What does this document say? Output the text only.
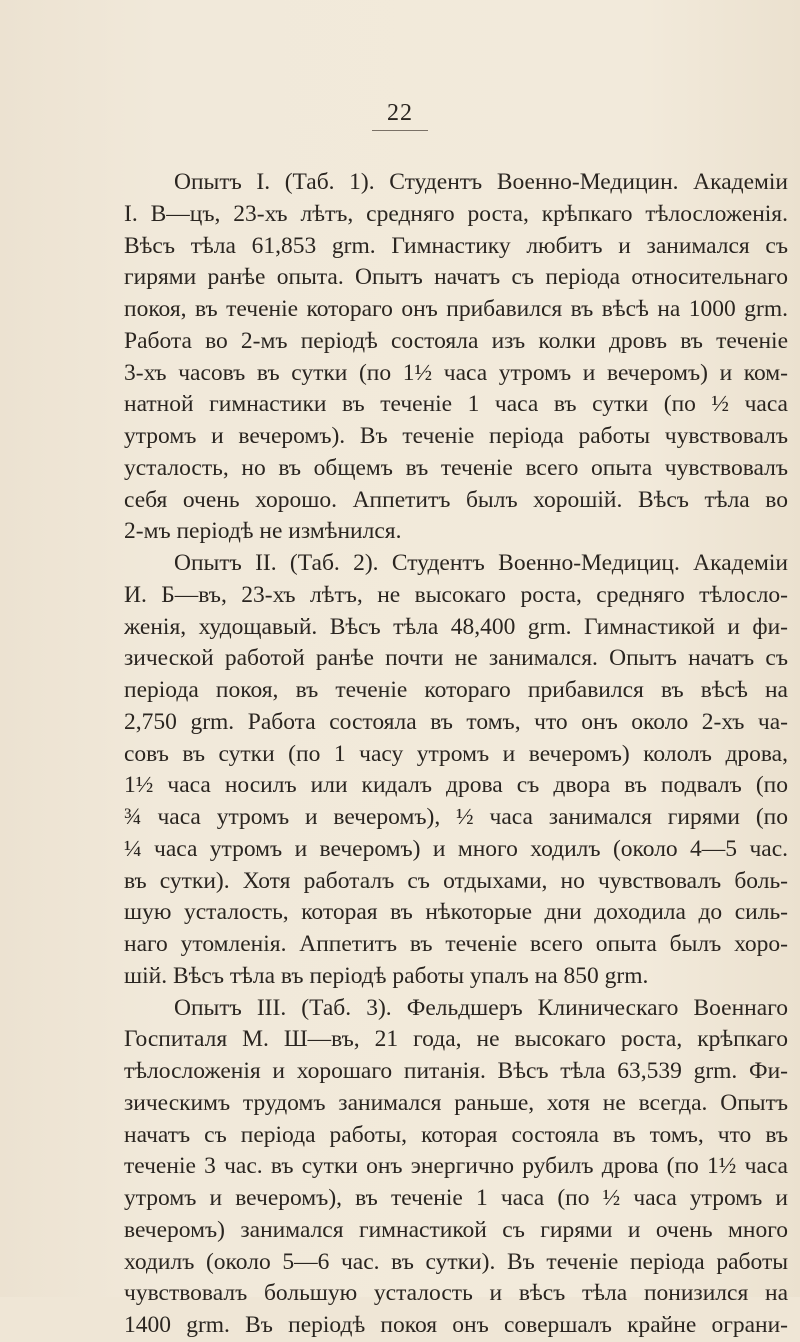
22
Опытъ I. (Таб. 1). Студентъ Военно-Медицин. Академіи
I. В—цъ, 23-хъ лѣтъ, средняго роста, крѣпкаго тѣлосложенія.
Вѣсъ тѣла 61,853 grm. Гимнастику любитъ и занимался съ
гирями ранѣе опыта. Опытъ начатъ съ періода относительнаго
покоя, въ теченіе котораго онъ прибавился въ вѣсѣ на 1000 grm.
Работа во 2-мъ періодѣ состояла изъ колки дровъ въ теченіе
3-хъ часовъ въ сутки (по 1½ часа утромъ и вечеромъ) и ком-
натной гимнастики въ теченіе 1 часа въ сутки (по ½ часа
утромъ и вечеромъ). Въ теченіе періода работы чувствовалъ
усталость, но въ общемъ въ теченіе всего опыта чувствовалъ
себя очень хорошо. Аппетитъ былъ хорошій. Вѣсъ тѣла во
2-мъ періодѣ не измѣнился.
Опытъ II. (Таб. 2). Студентъ Военно-Медициц. Академіи
И. Б—въ, 23-хъ лѣтъ, не высокаго роста, средняго тѣлосло-
женія, худощавый. Вѣсъ тѣла 48,400 grm. Гимнастикой и фи-
зической работой ранѣе почти не занимался. Опытъ начатъ съ
періода покоя, въ теченіе котораго прибавился въ вѣсѣ на
2,750 grm. Работа состояла въ томъ, что онъ около 2-хъ ча-
совъ въ сутки (по 1 часу утромъ и вечеромъ) кололъ дрова,
1½ часа носилъ или кидалъ дрова съ двора въ подвалъ (по
¾ часа утромъ и вечеромъ), ½ часа занимался гирями (по
¼ часа утромъ и вечеромъ) и много ходилъ (около 4—5 час.
въ сутки). Хотя работалъ съ отдыхами, но чувствовалъ боль-
шую усталость, которая въ нѣкоторые дни доходила до силь-
наго утомленія. Аппетитъ въ теченіе всего опыта былъ хоро-
шій. Вѣсъ тѣла въ періодѣ работы упалъ на 850 grm.
Опытъ III. (Таб. 3). Фельдшеръ Клиническаго Военнаго
Госпиталя М. Ш—въ, 21 года, не высокаго роста, крѣпкаго
тѣлосложенія и хорошаго питанія. Вѣсъ тѣла 63,539 grm. Фи-
зическимъ трудомъ занимался раньше, хотя не всегда. Опытъ
начатъ съ періода работы, которая состояла въ томъ, что въ
теченіе 3 час. въ сутки онъ энергично рубилъ дрова (по 1½ часа
утромъ и вечеромъ), въ теченіе 1 часа (по ½ часа утромъ и
вечеромъ) занимался гимнастикой съ гирями и очень много
ходилъ (около 5—6 час. въ сутки). Въ теченіе періода работы
чувствовалъ большую усталость и вѣсъ тѣла понизился на
1400 grm. Въ періодѣ покоя онъ совершалъ крайне ограни-
